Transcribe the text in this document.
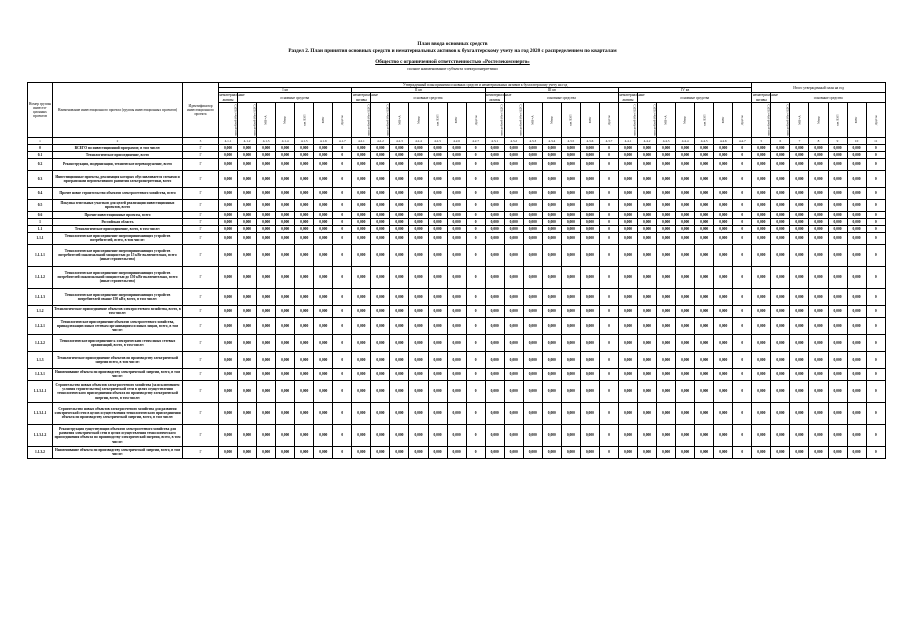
План ввода основных средств
Раздел 2. План принятия основных средств и нематериальных активов к бухгалтерскому учету на год 2020 с распределением по кварталам
Общество с ограниченной ответственностью «Ростелекомэнерго»
полное наименование субъекта электроэнергетики
Номер группы инвести-ционных проектов	Наименование инвестиционного проекта (группы инвестиционных проектов)	Идентификатор инвестиционного проекта	Утвержденный план принятия основных средств и нематериальных активов к бухгалтерскому учету на год																												Итого утвержденный план на год						
			I кв							II кв							III кв							IV кв													
			нематериальные активы	основные средства						нематериальные активы	основные средства						нематериальные активы	основные средства						нематериальные активы	основные средства						нематериальные активы	основные средства					
			млн рублей (без НДС)	млн рублей (без НДС)	МВ×А	Мвар	км ЛЭП	МВт	Другое	млн рублей (без НДС)	млн рублей (без НДС)	МВ×А	Мвар	км ЛЭП	МВт	Другое	млн рублей (без НДС)	млн рублей (без НДС)	МВ×А	Мвар	км ЛЭП	МВт	Другое	млн рублей (без НДС)	млн рублей (без НДС)	МВ×А	Мвар	км ЛЭП	МВт	Другое	млн рублей (без НДС)	млн рублей (без НДС)	МВ×А	Мвар	км ЛЭП	МВт	Другое
1	2	3	4.1.1	4.1.2	4.1.3	4.1.4	4.1.5	4.1.6	4.1.7	4.2.1	4.2.2	4.2.3	4.2.4	4.2.5	4.2.6	4.2.7	4.3.1	4.3.2	4.3.3	4.3.4	4.3.5	4.3.6	4.3.7	4.4.1	4.4.2	4.4.3	4.4.4	4.4.5	4.4.6	4.4.7	5	6	7	8	9	10	11
0	ВСЕГО по инвестиционной программе, в том числе:	Г	0,000	0,000	0,000	0,000	0,000	0,000	0	0,000	0,000	0,000	0,000	0,000	0,000	0	0,000	0,000	0,000	0,000	0,000	0,000	0	0,000	0,000	0,000	0,000	0,000	0,000	0	0,000	0,000	0,000	0,000	0,000	0,000	0
0.1	Технологическое присоединение, всего	Г	0,000	0,000	0,000	0,000	0,000	0,000	0	0,000	0,000	0,000	0,000	0,000	0,000	0	0,000	0,000	0,000	0,000	0,000	0,000	0	0,000	0,000	0,000	0,000	0,000	0,000	0	0,000	0,000	0,000	0,000	0,000	0,000	0
0.2	Реконструкция, модернизация, техническое перевооружение, всего	Г	0,000	0,000	0,000	0,000	0,000	0,000	0	0,000	0,000	0,000	0,000	0,000	0,000	0	0,000	0,000	0,000	0,000	0,000	0,000	0	0,000	0,000	0,000	0,000	0,000	0,000	0	0,000	0,000	0,000	0,000	0,000	0,000	0
0.3	Инвестиционные проекты, реализация которых обуславливается схемами и программами перспективного развития электроэнергетики, всего	Г	0,000	0,000	0,000	0,000	0,000	0,000	0	0,000	0,000	0,000	0,000	0,000	0,000	0	0,000	0,000	0,000	0,000	0,000	0,000	0	0,000	0,000	0,000	0,000	0,000	0,000	0	0,000	0,000	0,000	0,000	0,000	0,000	0
0.4	Прочее новое строительство объектов электросетевого хозяйства, всего	Г	0,000	0,000	0,000	0,000	0,000	0,000	0	0,000	0,000	0,000	0,000	0,000	0,000	0	0,000	0,000	0,000	0,000	0,000	0,000	0	0,000	0,000	0,000	0,000	0,000	0,000	0	0,000	0,000	0,000	0,000	0,000	0,000	0
0.5	Покупка земельных участков для целей реализации инвестиционных проектов, всего	Г	0,000	0,000	0,000	0,000	0,000	0,000	0	0,000	0,000	0,000	0,000	0,000	0,000	0	0,000	0,000	0,000	0,000	0,000	0,000	0	0,000	0,000	0,000	0,000	0,000	0,000	0	0,000	0,000	0,000	0,000	0,000	0,000	0
0.6	Прочие инвестиционные проекты, всего	Г	0,000	0,000	0,000	0,000	0,000	0,000	0	0,000	0,000	0,000	0,000	0,000	0,000	0	0,000	0,000	0,000	0,000	0,000	0,000	0	0,000	0,000	0,000	0,000	0,000	0,000	0	0,000	0,000	0,000	0,000	0,000	0,000	0
1	Российская область	Г	0,000	0,000	0,000	0,000	0,000	0,000	0	0,000	0,000	0,000	0,000	0,000	0,000	0	0,000	0,000	0,000	0,000	0,000	0,000	0	0,000	0,000	0,000	0,000	0,000	0,000	0	0,000	0,000	0,000	0,000	0,000	0,000	0
1.1	Технологическое присоединение, всего, в том числе:	Г	0,000	0,000	0,000	0,000	0,000	0,000	0	0,000	0,000	0,000	0,000	0,000	0,000	0	0,000	0,000	0,000	0,000	0,000	0,000	0	0,000	0,000	0,000	0,000	0,000	0,000	0	0,000	0,000	0,000	0,000	0,000	0,000	0
1.1.1	Технологическое присоединение энергопринимающих устройств потребителей, всего, в том числе:	Г	0,000	0,000	0,000	0,000	0,000	0,000	0	0,000	0,000	0,000	0,000	0,000	0,000	0	0,000	0,000	0,000	0,000	0,000	0,000	0	0,000	0,000	0,000	0,000	0,000	0,000	0	0,000	0,000	0,000	0,000	0,000	0,000	0
1.1.1.1	Технологическое присоединение энергопринимающих устройств потребителей максимальной мощностью до 15 кВт включительно, всего (иные строительство)	Г	0,000	0,000	0,000	0,000	0,000	0,000	0	0,000	0,000	0,000	0,000	0,000	0,000	0	0,000	0,000	0,000	0,000	0,000	0,000	0	0,000	0,000	0,000	0,000	0,000	0,000	0	0,000	0,000	0,000	0,000	0,000	0,000	0
1.1.1.2	Технологическое присоединение энергопринимающих устройств потребителей максимальной мощностью до 150 кВт включительно, всего (иные строительство)	Г	0,000	0,000	0,000	0,000	0,000	0,000	0	0,000	0,000	0,000	0,000	0,000	0,000	0	0,000	0,000	0,000	0,000	0,000	0,000	0	0,000	0,000	0,000	0,000	0,000	0,000	0	0,000	0,000	0,000	0,000	0,000	0,000	0
1.1.1.3	Технологическое присоединение энергопринимающих устройств потребителей свыше 150 кВт, всего, в том числе:	Г	0,000	0,000	0,000	0,000	0,000	0,000	0	0,000	0,000	0,000	0,000	0,000	0,000	0	0,000	0,000	0,000	0,000	0,000	0,000	0	0,000	0,000	0,000	0,000	0,000	0,000	0	0,000	0,000	0,000	0,000	0,000	0,000	0
1.1.2	Технологическое присоединение объектов электросетевого хозяйства, всего, в том числе:	Г	0,000	0,000	0,000	0,000	0,000	0,000	0	0,000	0,000	0,000	0,000	0,000	0,000	0	0,000	0,000	0,000	0,000	0,000	0,000	0	0,000	0,000	0,000	0,000	0,000	0,000	0	0,000	0,000	0,000	0,000	0,000	0,000	0
1.1.2.1	Технологическое присоединение объектов электросетевого хозяйства, принадлежащих иным сетевым организациям и иным лицам, всего, в том числе:	Г	0,000	0,000	0,000	0,000	0,000	0,000	0	0,000	0,000	0,000	0,000	0,000	0,000	0	0,000	0,000	0,000	0,000	0,000	0,000	0	0,000	0,000	0,000	0,000	0,000	0,000	0	0,000	0,000	0,000	0,000	0,000	0,000	0
1.1.2.2	Технологическое присоединение к электрическим сетям иных сетевых организаций, всего, в том числе:	Г	0,000	0,000	0,000	0,000	0,000	0,000	0	0,000	0,000	0,000	0,000	0,000	0,000	0	0,000	0,000	0,000	0,000	0,000	0,000	0	0,000	0,000	0,000	0,000	0,000	0,000	0	0,000	0,000	0,000	0,000	0,000	0,000	0
1.1.3	Технологическое присоединение объектов по производству электрической энергии всего, в том числе:	Г	0,000	0,000	0,000	0,000	0,000	0,000	0	0,000	0,000	0,000	0,000	0,000	0,000	0	0,000	0,000	0,000	0,000	0,000	0,000	0	0,000	0,000	0,000	0,000	0,000	0,000	0	0,000	0,000	0,000	0,000	0,000	0,000	0
1.1.3.1	Наименование объекта по производству электрической энергии, всего, в том числе:	Г	0,000	0,000	0,000	0,000	0,000	0,000	0	0,000	0,000	0,000	0,000	0,000	0,000	0	0,000	0,000	0,000	0,000	0,000	0,000	0	0,000	0,000	0,000	0,000	0,000	0,000	0	0,000	0,000	0,000	0,000	0,000	0,000	0
1.1.3.1.1	Строительство новых объектов электросетевого хозяйства (за исключением условия строительства) электрической сети в целях осуществления технологического присоединения объекта по производству электрической энергии, всего, в том числе:	Г	0,000	0,000	0,000	0,000	0,000	0,000	0	0,000	0,000	0,000	0,000	0,000	0,000	0	0,000	0,000	0,000	0,000	0,000	0,000	0	0,000	0,000	0,000	0,000	0,000	0,000	0	0,000	0,000	0,000	0,000	0,000	0,000	0
1.1.3.1.1	Строительство новых объектов электросетевого хозяйства для развития электрической сети в целях осуществления технологического присоединения объекта по производству электрической энергии, всего, в том числе:	Г	0,000	0,000	0,000	0,000	0,000	0,000	0	0,000	0,000	0,000	0,000	0,000	0,000	0	0,000	0,000	0,000	0,000	0,000	0,000	0	0,000	0,000	0,000	0,000	0,000	0,000	0	0,000	0,000	0,000	0,000	0,000	0,000	0
1.1.3.1.2	Реконструкция существующих объектов электросетевого хозяйства для развития электрической сети в целях осуществления технологического присоединения объекта по производству электрической энергии, всего, в том числе:	Г	0,000	0,000	0,000	0,000	0,000	0,000	0	0,000	0,000	0,000	0,000	0,000	0,000	0	0,000	0,000	0,000	0,000	0,000	0,000	0	0,000	0,000	0,000	0,000	0,000	0,000	0	0,000	0,000	0,000	0,000	0,000	0,000	0
1.1.3.2	Наименование объекта по производству электрической энергии, всего, в том числе:	Г	0,000	0,000	0,000	0,000	0,000	0,000	0	0,000	0,000	0,000	0,000	0,000	0,000	0	0,000	0,000	0,000	0,000	0,000	0,000	0	0,000	0,000	0,000	0,000	0,000	0,000	0	0,000	0,000	0,000	0,000	0,000	0,000	0
